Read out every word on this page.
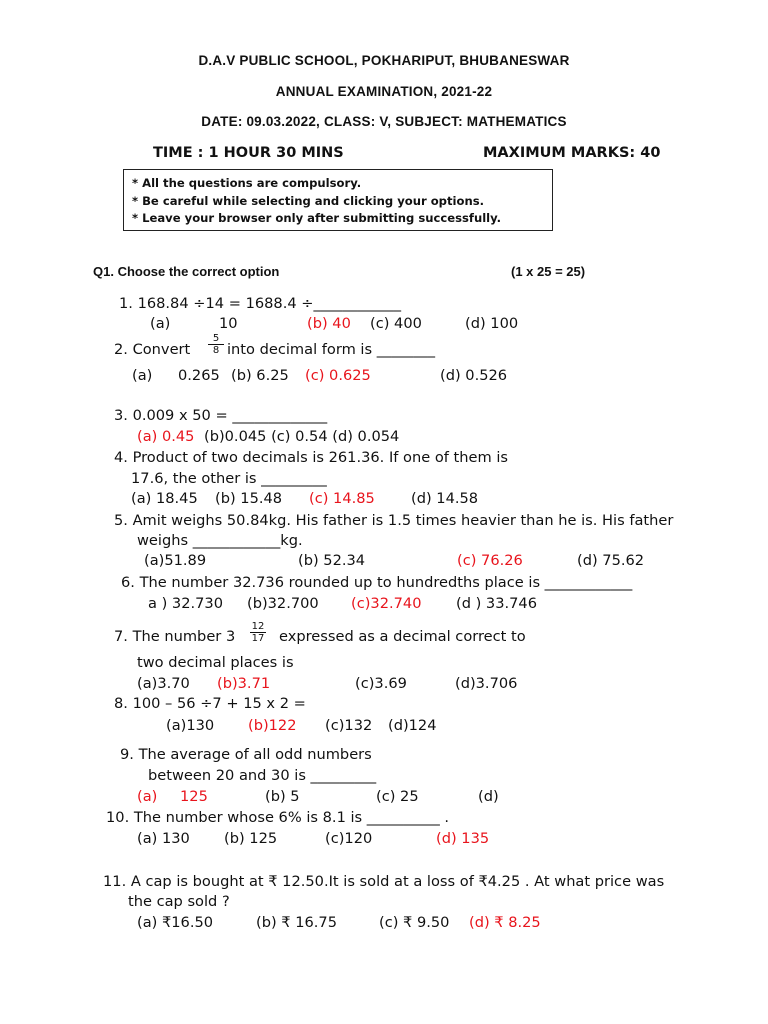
D.A.V PUBLIC SCHOOL, POKHARIPUT, BHUBANESWAR
ANNUAL EXAMINATION, 2021-22
DATE: 09.03.2022, CLASS: V, SUBJECT: MATHEMATICS
TIME : 1 HOUR 30 MINS	MAXIMUM MARKS: 40
* All the questions are compulsory.
* Be careful while selecting and clicking your options.
* Leave your browser only after submitting successfully.
Q1. Choose the correct option	(1 x 25 = 25)
1. 168.84 ÷14 = 1688.4 ÷____________
(a)	10	(b) 40 (c) 400	(d) 100
2. Convert $\frac{5}{8}$ into decimal form is ________
(a) 0.265 (b) 6.25 (c) 0.625	(d) 0.526
3. 0.009 x 50 = _____________
(a) 0.45 (b)0.045 (c) 0.54 (d) 0.054
4. Product of two decimals is 261.36. If one of them is
17.6, the other is _________
(a) 18.45 (b) 15.48 (c) 14.85 (d) 14.58
5. Amit weighs 50.84kg. His father is 1.5 times heavier than he is. His father
weighs ____________kg.
(a)51.89	(b) 52.34	(c) 76.26	(d) 75.62
6. The number 32.736 rounded up to hundredths place is ____________
a ) 32.730 (b)32.700 (c)32.740 (d ) 33.746
7. The number $3 \frac{12}{17}$ expressed as a decimal correct to
two decimal places is
(a)3.70 (b)3.71	(c)3.69	(d)3.706
8. 100 – 56 ÷7 + 15 x 2 =
(a)130 (b)122 (c)132 (d)124
9. The average of all odd numbers
between 20 and 30 is _________
(a) 125	(b) 5	(c) 25	(d)
10. The number whose 6% is 8.1 is __________ .
(a) 130 (b) 125	(c)120	(d) 135
11. A cap is bought at ₹ 12.50.It is sold at a loss of ₹4.25 . At what price was
the cap sold ?
(a) ₹16.50	(b) ₹ 16.75	(c) ₹ 9.50 (d) ₹ 8.25
